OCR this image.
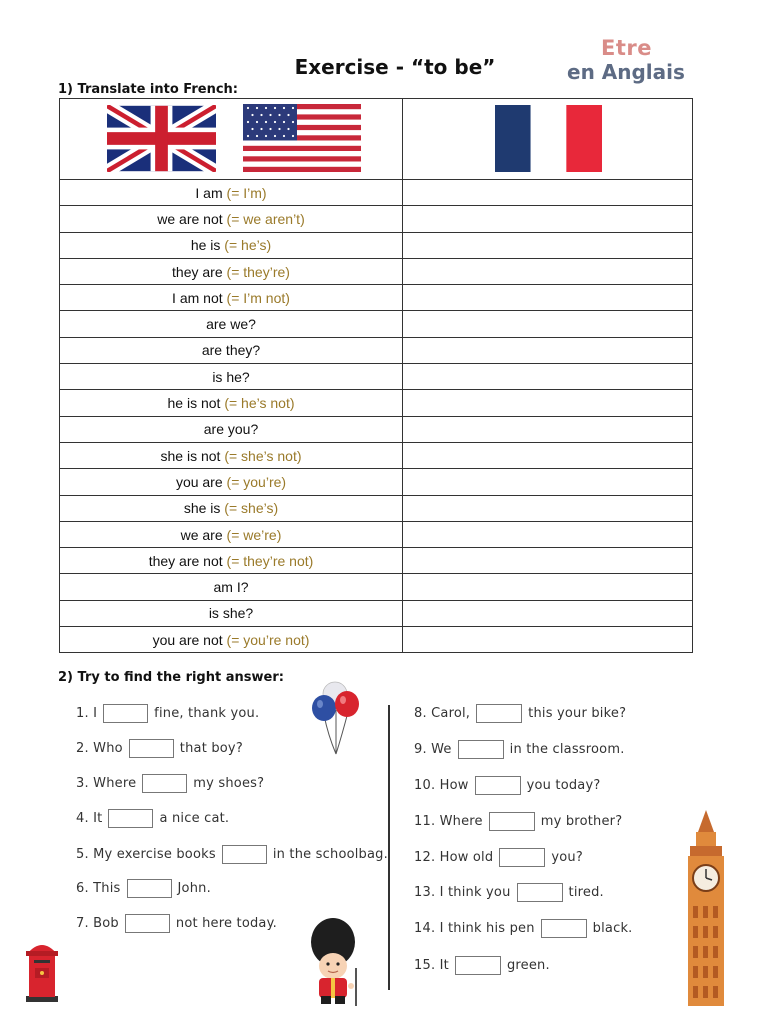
Exercise - “to be”
Etre
en Anglais
1) Translate into French:

I am (= I’m)	
we are not (= we aren’t)	
he is (= he’s)	
they are (= they’re)	
I am not (= I’m not)	
are we?	
are they?	
is he?	
he is not (= he’s not)	
are you?	
she is not (= she’s not)	
you are (= you’re)	
she is (= she’s)	
we are (= we’re)	
they are not (= they’re not)	
am I?	
is she?	
you are not (= you’re not)	
2) Try to find the right answer:
1. I	fine, thank you.
2. Who	that boy?
3. Where	my shoes?
4. It	a nice cat.
5. My exercise books	in the schoolbag.
6. This	John.
7. Bob	not here today.
8. Carol,	this your bike?
9. We	in the classroom.
10. How	you today?
11. Where	my brother?
12. How old	you?
13. I think you	tired.
14. I think his pen	black.
15. It	green.
